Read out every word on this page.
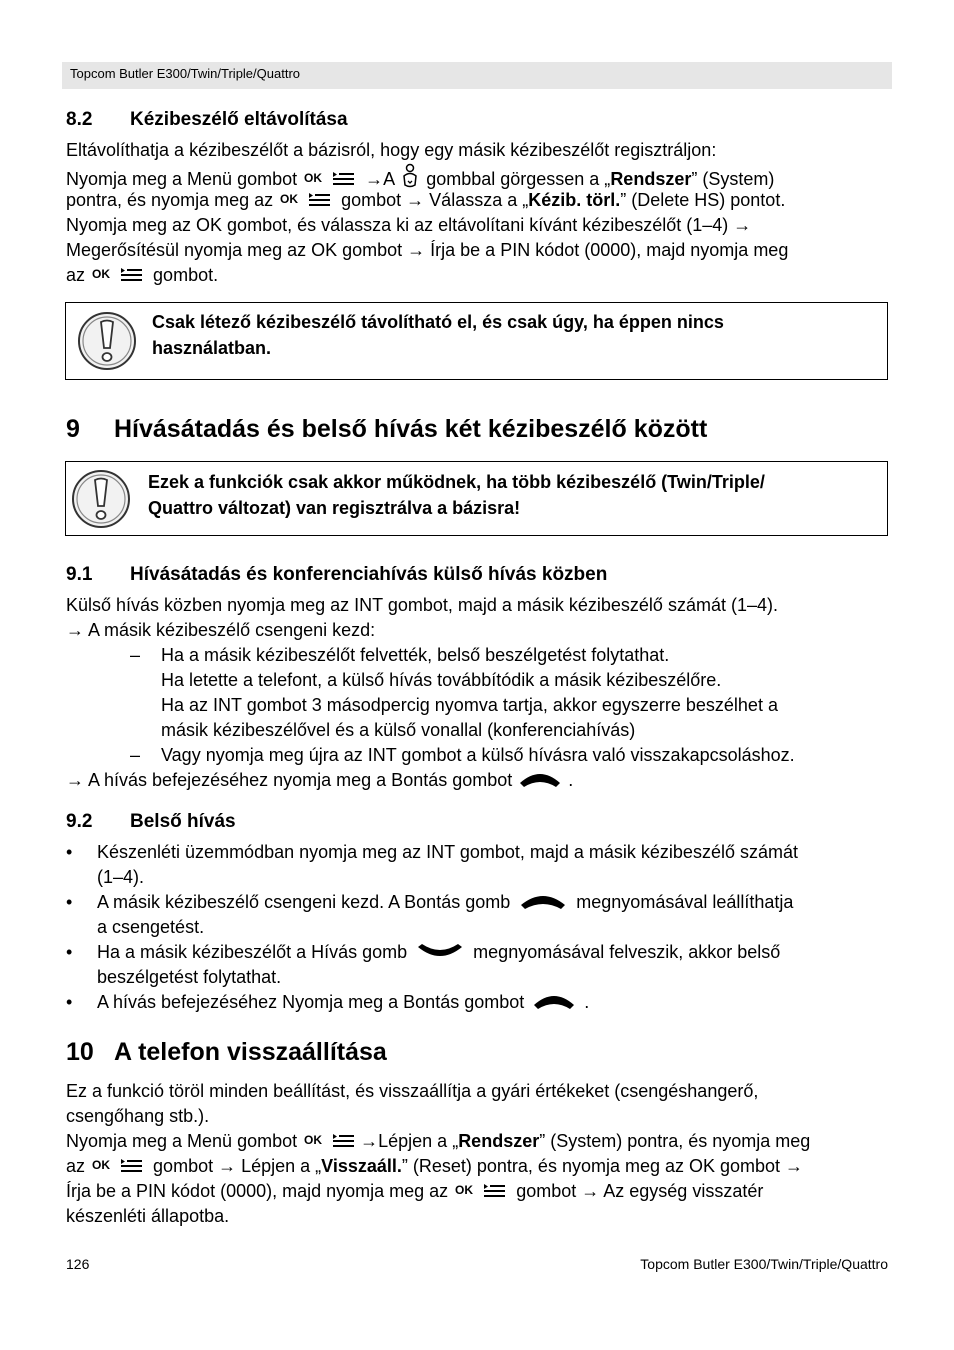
Topcom Butler E300/Twin/Triple/Quattro
8.2 Kézibeszélő eltávolítása
Eltávolíthatja a kézibeszélőt a bázisról, hogy egy másik kézibeszélőt regisztráljon:
Nyomja meg a Menü gombot OK →A gombbal görgessen a „Rendszer” (System)
pontra, és nyomja meg az OK gombot → Válassza a „Kézib. törl.” (Delete HS) pontot.
Nyomja meg az OK gombot, és válassza ki az eltávolítani kívánt kézibeszélőt (1–4) →
Megerősítésül nyomja meg az OK gombot → Írja be a PIN kódot (0000), majd nyomja meg
az OK gombot.
Csak létező kézibeszélő távolítható el, és csak úgy, ha éppen nincs
használatban.
9 Hívásátadás és belső hívás két kézibeszélő között
Ezek a funkciók csak akkor működnek, ha több kézibeszélő (Twin/Triple/
Quattro változat) van regisztrálva a bázisra!
9.1 Hívásátadás és konferenciahívás külső hívás közben
Külső hívás közben nyomja meg az INT gombot, majd a másik kézibeszélő számát (1–4).
→ A másik kézibeszélő csengeni kezd:
– Ha a másik kézibeszélőt felvették, belső beszélgetést folytathat.
Ha letette a telefont, a külső hívás továbbítódik a másik kézibeszélőre.
Ha az INT gombot 3 másodpercig nyomva tartja, akkor egyszerre beszélhet a
másik kézibeszélővel és a külső vonallal (konferenciahívás)
– Vagy nyomja meg újra az INT gombot a külső hívásra való visszakapcsoláshoz.
→ A hívás befejezéséhez nyomja meg a Bontás gombot	.
9.2 Belső hívás
• Készenléti üzemmódban nyomja meg az INT gombot, majd a másik kézibeszélő számát
(1–4).
• A másik kézibeszélő csengeni kezd. A Bontás gomb	megnyomásával leállíthatja
a csengetést.
• Ha a másik kézibeszélőt a Hívás gomb	megnyomásával felveszik, akkor belső
beszélgetést folytathat.
• A hívás befejezéséhez Nyomja meg a Bontás gombot	.
10 A telefon visszaállítása
Ez a funkció töröl minden beállítást, és visszaállítja a gyári értékeket (csengéshangerő,
csengőhang stb.).
Nyomja meg a Menü gombot OK →Lépjen a „Rendszer” (System) pontra, és nyomja meg
az OK gombot → Lépjen a „Visszaáll.” (Reset) pontra, és nyomja meg az OK gombot →
Írja be a PIN kódot (0000), majd nyomja meg az OK gombot → Az egység visszatér
készenléti állapotba.
126	Topcom Butler E300/Twin/Triple/Quattro
